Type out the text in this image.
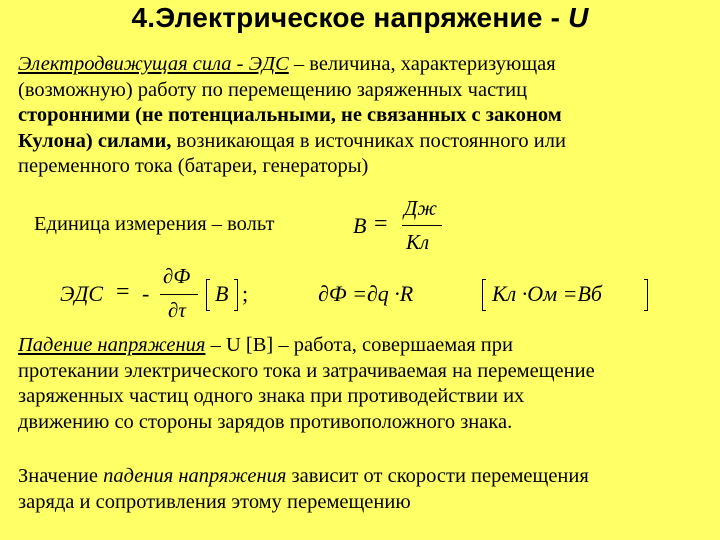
4.Электрическое напряжение - U
Электродвижущая сила - ЭДС – величина, характеризующая
(возможную) работу по перемещению заряженных частиц
сторонними (не потенциальными, не связанных с законом
Кулона) силами, возникающая в источниках постоянного или
переменного тока (батареи, генераторы)
Единица измерения – вольт	В =
Дж
Кл
ЭДС = -
∂Ф
∂τ
В ;	∂Ф =∂q ·R	Кл ·Ом =Вб
Падение напряжения – U [В] – работа, совершаемая при
протекании электрического тока и затрачиваемая на перемещение
заряженных частиц одного знака при противодействии их
движению со стороны зарядов противоположного знака.
Значение падения напряжения зависит от скорости перемещения
заряда и сопротивления этому перемещению
